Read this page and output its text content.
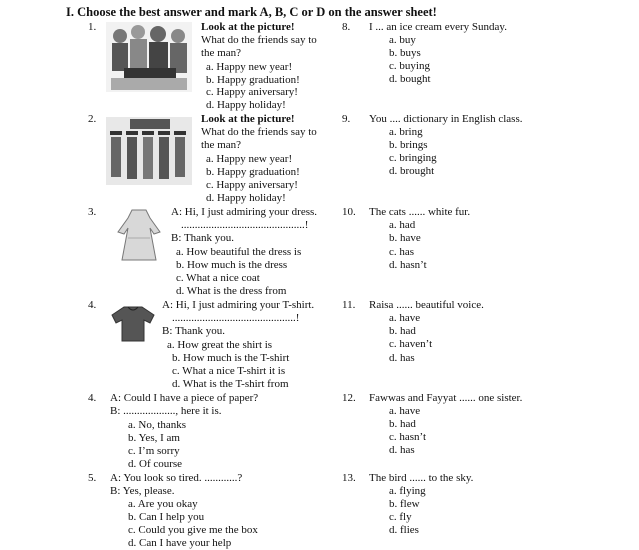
I. Choose the best answer and mark A, B, C or D on the answer sheet!
1.	Look at the picture!
What do the friends say to
the man?
a. Happy new year!
b. Happy graduation!
c. Happy aniversary!
d. Happy holiday!
2.	Look at the picture!
What do the friends say to
the man?
a. Happy new year!
b. Happy graduation!
c. Happy aniversary!
d. Happy holiday!
3.	A: Hi, I just admiring your dress.
.............................................!
B: Thank you.
a. How beautiful the dress is
b. How much is the dress
c. What a nice coat
d. What is the dress from
4.	A: Hi, I just admiring your T-shirt.
.............................................!
B: Thank you.
a. How great the shirt is
b. How much is the T-shirt
c. What a nice T-shirt it is
d. What is the T-shirt from
4. A: Could I have a piece of paper?
B: ..................., here it is.
a. No, thanks
b. Yes, I am
c. I’m sorry
d. Of course
5. A: You look so tired. ............?
B: Yes, please.
a. Are you okay
b. Can I help you
c. Could you give me the box
d. Can I have your help
8. I ... an ice cream every Sunday.
a. buy
b. buys
c. buying
d. bought
9. You .... dictionary in English class.
a. bring
b. brings
c. bringing
d. brought
10. The cats ...... white fur.
a. had
b. have
c. has
d. hasn’t
11. Raisa ...... beautiful voice.
a. have
b. had
c. haven’t
d. has
12. Fawwas and Fayyat ...... one sister.
a. have
b. had
c. hasn’t
d. has
13. The bird ...... to the sky.
a. flying
b. flew
c. fly
d. flies
